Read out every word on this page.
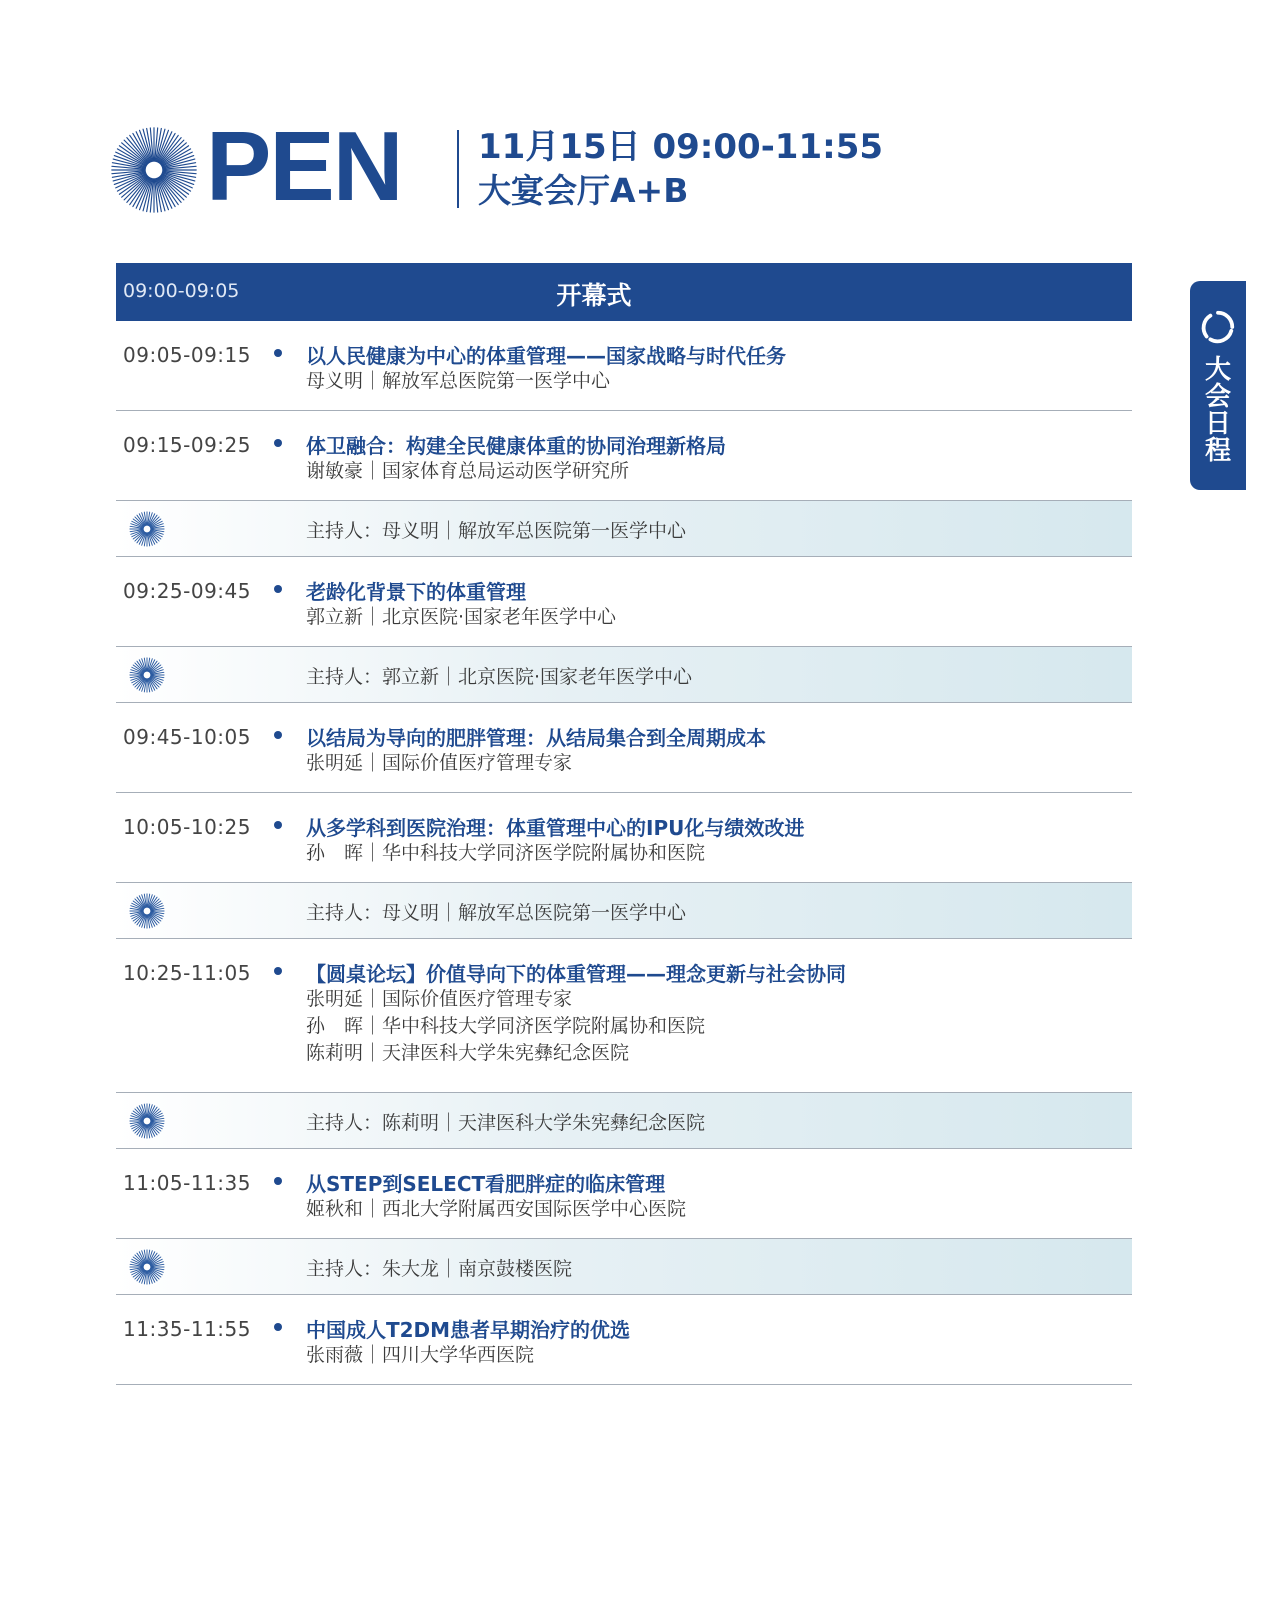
PEN 11月15日 09:00-11:55
大宴会厅A+B
09:00-09:05	开幕式
09:05-09:15	以人民健康为中心的体重管理——国家战略与时代任务
母义明｜解放军总医院第一医学中心
09:15-09:25	体卫融合：构建全民健康体重的协同治理新格局
谢敏豪｜国家体育总局运动医学研究所
主持人：母义明｜解放军总医院第一医学中心
09:25-09:45	老龄化背景下的体重管理
郭立新｜北京医院·国家老年医学中心
主持人：郭立新｜北京医院·国家老年医学中心
09:45-10:05	以结局为导向的肥胖管理：从结局集合到全周期成本
张明延｜国际价值医疗管理专家
10:05-10:25	从多学科到医院治理：体重管理中心的IPU化与绩效改进
孙　晖｜华中科技大学同济医学院附属协和医院
主持人：母义明｜解放军总医院第一医学中心
10:25-11:05	【圆桌论坛】价值导向下的体重管理——理念更新与社会协同
张明延｜国际价值医疗管理专家
孙　晖｜华中科技大学同济医学院附属协和医院
陈莉明｜天津医科大学朱宪彝纪念医院
主持人：陈莉明｜天津医科大学朱宪彝纪念医院
11:05-11:35	从STEP到SELECT看肥胖症的临床管理
姬秋和｜西北大学附属西安国际医学中心医院
主持人：朱大龙｜南京鼓楼医院
11:35-11:55	中国成人T2DM患者早期治疗的优选
张雨薇｜四川大学华西医院
大
会
日
程
